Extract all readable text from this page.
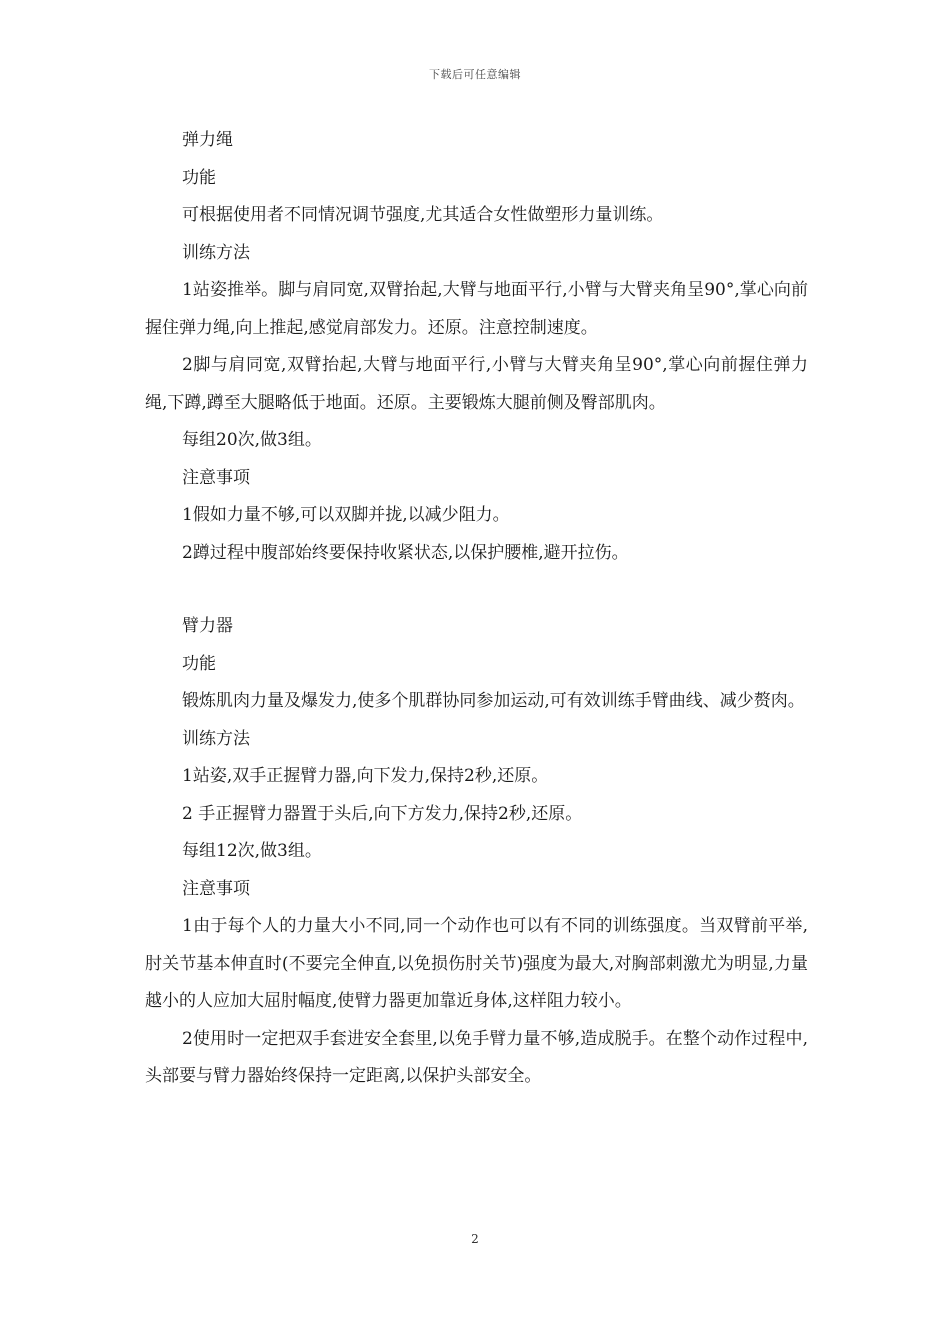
下载后可任意编辑

弹力绳

功能

可根据使用者不同情况调节强度,尤其适合女性做塑形力量训练。

训练方法

1站姿推举。脚与肩同宽,双臂抬起,大臂与地面平行,小臂与大臂夹角呈90°,掌心向前握住弹力绳,向上推起,感觉肩部发力。还原。注意控制速度。

2脚与肩同宽,双臂抬起,大臂与地面平行,小臂与大臂夹角呈90°,掌心向前握住弹力绳,下蹲,蹲至大腿略低于地面。还原。主要锻炼大腿前侧及臀部肌肉。

每组20次,做3组。

注意事项

1假如力量不够,可以双脚并拢,以减少阻力。

2蹲过程中腹部始终要保持收紧状态,以保护腰椎,避开拉伤。

臂力器

功能

锻炼肌肉力量及爆发力,使多个肌群协同参加运动,可有效训练手臂曲线、减少赘肉。

训练方法

1站姿,双手正握臂力器,向下发力,保持2秒,还原。

2 手正握臂力器置于头后,向下方发力,保持2秒,还原。

每组12次,做3组。

注意事项

1由于每个人的力量大小不同,同一个动作也可以有不同的训练强度。当双臂前平举,肘关节基本伸直时(不要完全伸直,以免损伤肘关节)强度为最大,对胸部刺激尤为明显,力量越小的人应加大屈肘幅度,使臂力器更加靠近身体,这样阻力较小。

2使用时一定把双手套进安全套里,以免手臂力量不够,造成脱手。在整个动作过程中,头部要与臂力器始终保持一定距离,以保护头部安全。

2
